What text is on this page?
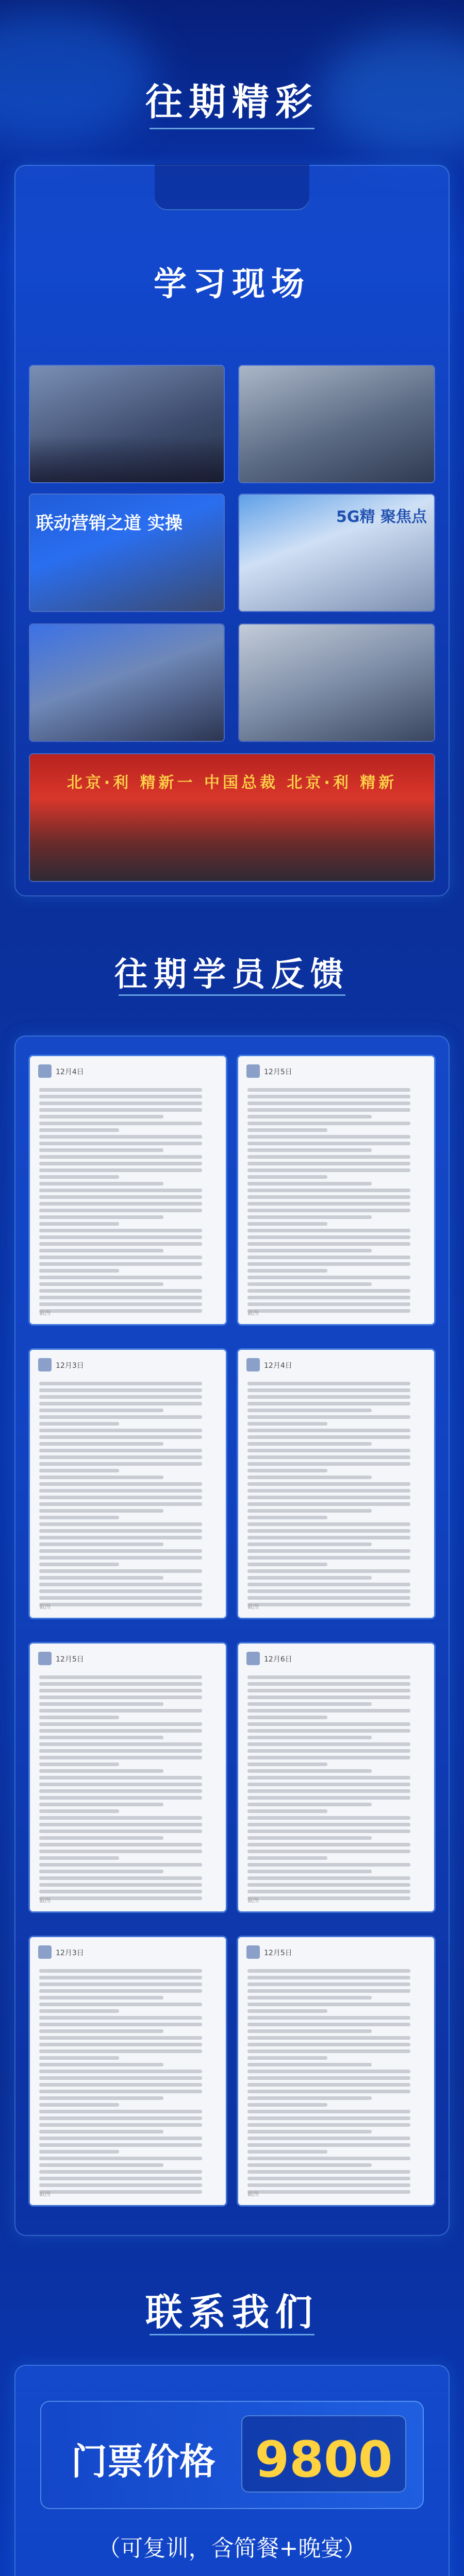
往期精彩
学习现场
联动营销之道 实操	5G精 聚焦点
北京·利 精新一 中国总裁 北京·利 精新
往期学员反馈
12月4日
截图
12月5日
截图
12月3日
截图
12月4日
截图
12月5日
截图
12月6日
截图
12月3日
截图
12月5日
截图
联系我们
门票价格 9800
（可复训，含简餐+晚宴）
